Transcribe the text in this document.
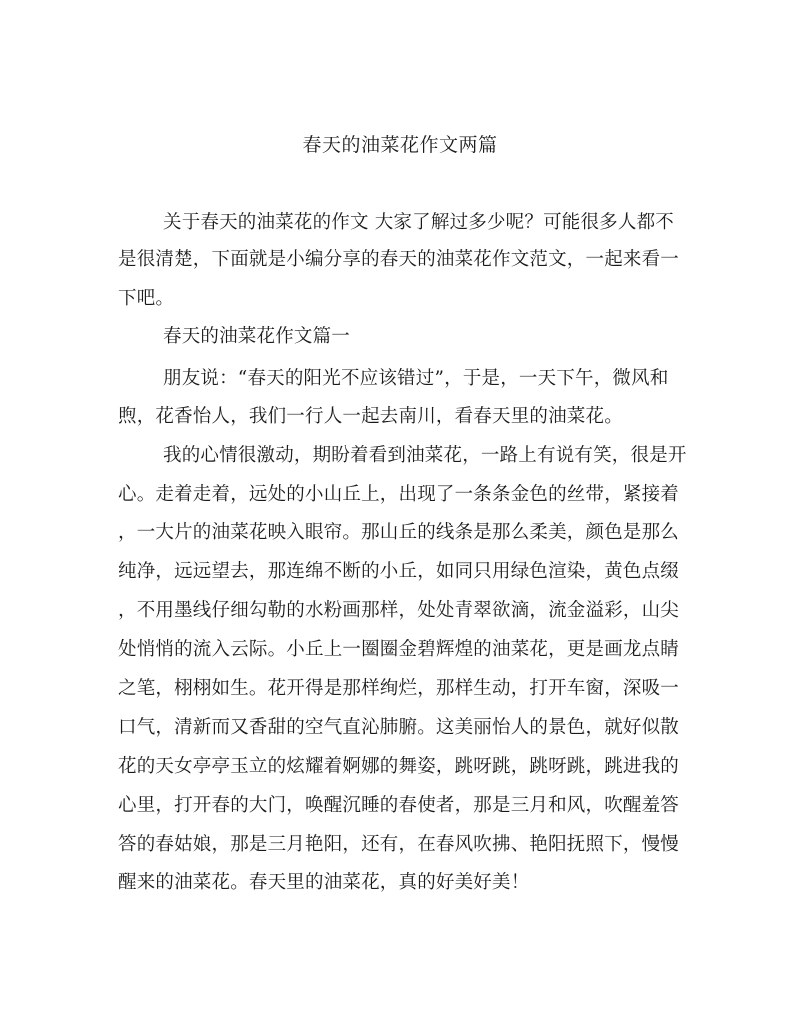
春天的油菜花作文两篇
关于春天的油菜花的作文 大家了解过多少呢？可能很多人都不
是很清楚，下面就是小编分享的春天的油菜花作文范文，一起来看一
下吧。
春天的油菜花作文篇一
朋友说：“春天的阳光不应该错过”，于是，一天下午，微风和
煦，花香怡人，我们一行人一起去南川，看春天里的油菜花。
我的心情很激动，期盼着看到油菜花，一路上有说有笑，很是开
心。走着走着，远处的小山丘上，出现了一条条金色的丝带，紧接着
，一大片的油菜花映入眼帘。那山丘的线条是那么柔美，颜色是那么
纯净，远远望去，那连绵不断的小丘，如同只用绿色渲染，黄色点缀
，不用墨线仔细勾勒的水粉画那样，处处青翠欲滴，流金溢彩，山尖
处悄悄的流入云际。小丘上一圈圈金碧辉煌的油菜花，更是画龙点睛
之笔，栩栩如生。花开得是那样绚烂，那样生动，打开车窗，深吸一
口气，清新而又香甜的空气直沁肺腑。这美丽怡人的景色，就好似散
花的天女亭亭玉立的炫耀着婀娜的舞姿，跳呀跳，跳呀跳，跳进我的
心里，打开春的大门，唤醒沉睡的春使者，那是三月和风，吹醒羞答
答的春姑娘，那是三月艳阳，还有，在春风吹拂、艳阳抚照下，慢慢
醒来的油菜花。春天里的油菜花，真的好美好美！
